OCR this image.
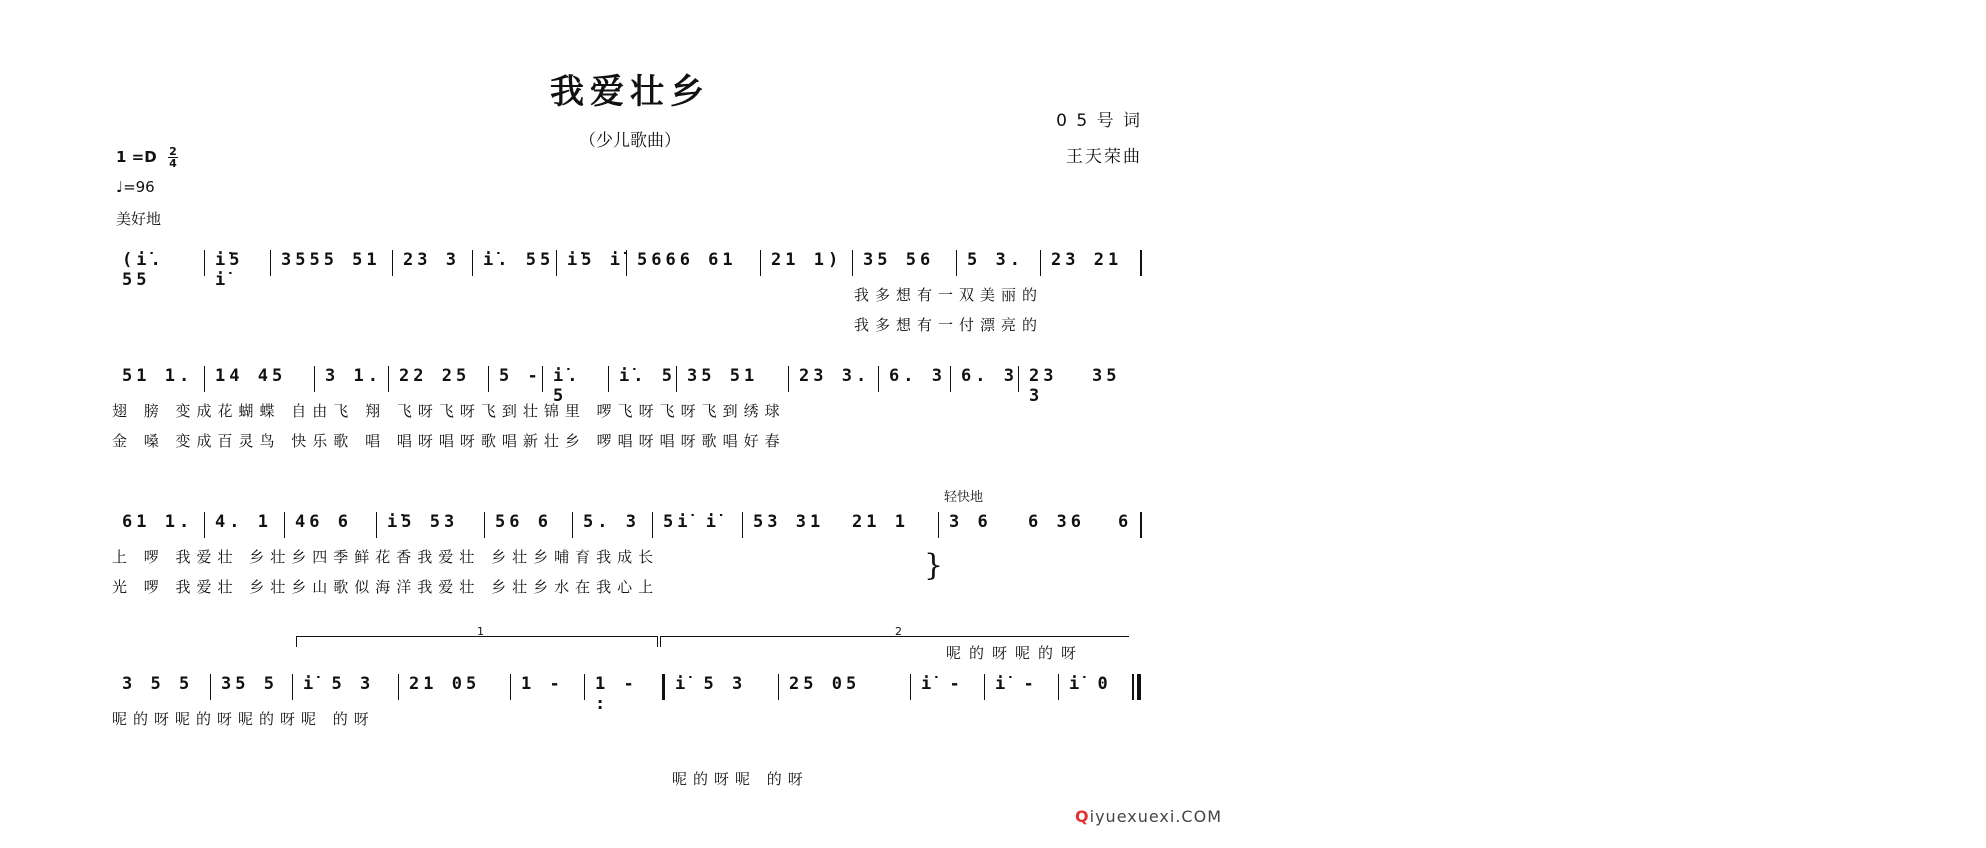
我爱壮乡
（少儿歌曲）
0 5 号 词
王天荣曲
$1 =D \frac{2}{4}$
♩=96
美好地
(i̇. 55
i̇5 i̇
3555 51	23 3	i̇. 55 i̇5 i̇ 5666 61	21 1)	35 56	5 3.	23 21
我多想有一双美丽的
我多想有一付漂亮的
51 1.	14 45	3 1.	22 25	5 - i̇. 5
i̇. 5 35 51	23 3.	6. 3 6. 3 23 3
35
翅 膀 变成花蝴蝶 自由飞 翔 飞呀飞呀飞到壮锦里 啰飞呀飞呀飞到绣球
金 嗓 变成百灵鸟 快乐歌 唱 唱呀唱呀歌唱新壮乡 啰唱呀唱呀歌唱好春
轻快地
61 1.	4. 1	46 6	i̇5 53	56 6	5. 3	5i̇ i̇	53 31	21 1	3 6	6 36	6
上 啰 我爱壮 乡壮乡四季鲜花香我爱壮 乡壮乡哺育我成长
光 啰 我爱壮 乡壮乡山歌似海洋我爱壮 乡壮乡水在我心上
}
呢的呀呢的呀
1	2
3 5 5	35 5	i̇ 5 3	21 05	1 -	1 - :
i̇ 5 3	25 05	i̇ -	i̇ -	i̇ 0
呢的呀呢的呀呢的呀呢 的呀
呢的呀呢 的呀
Qiyuexuexi.COM
